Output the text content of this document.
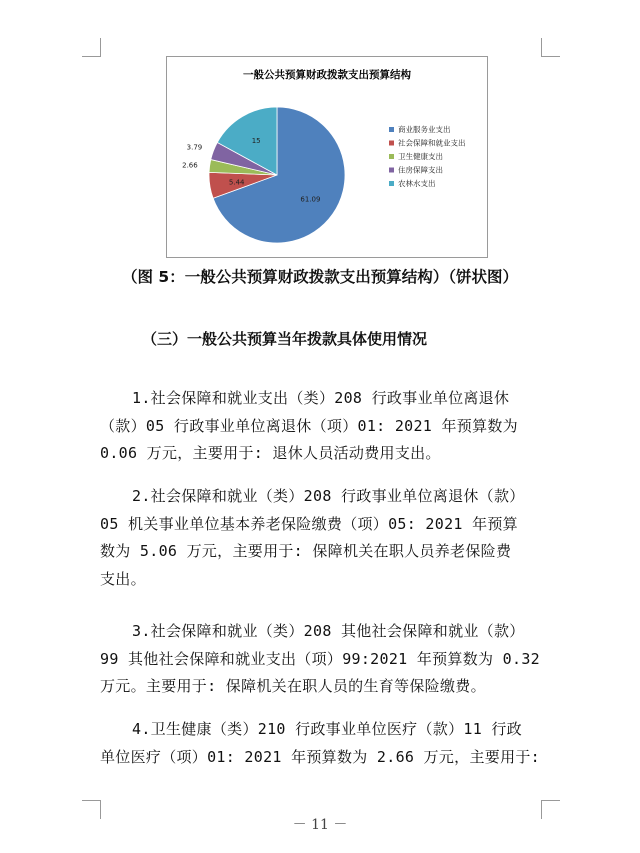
一般公共预算财政拨款支出预算结构
61.09
5.44
2.66
3.79
15
商业服务业支出
社会保障和就业支出
卫生健康支出
住房保障支出
农林水支出
（图 5：一般公共预算财政拨款支出预算结构）（饼状图）
（三）一般公共预算当年拨款具体使用情况
1.社会保障和就业支出（类）208 行政事业单位离退休
（款）05 行政事业单位离退休（项）01: 2021 年预算数为
0.06 万元，主要用于: 退休人员活动费用支出。
2.社会保障和就业（类）208 行政事业单位离退休（款）
05 机关事业单位基本养老保险缴费（项）05: 2021 年预算
数为 5.06 万元，主要用于: 保障机关在职人员养老保险费
支出。
3.社会保障和就业（类）208 其他社会保障和就业（款）
99 其他社会保障和就业支出（项）99:2021 年预算数为 0.32
万元。主要用于: 保障机关在职人员的生育等保险缴费。
4.卫生健康（类）210 行政事业单位医疗（款）11 行政
单位医疗（项）01: 2021 年预算数为 2.66 万元，主要用于:
－ 11 －
